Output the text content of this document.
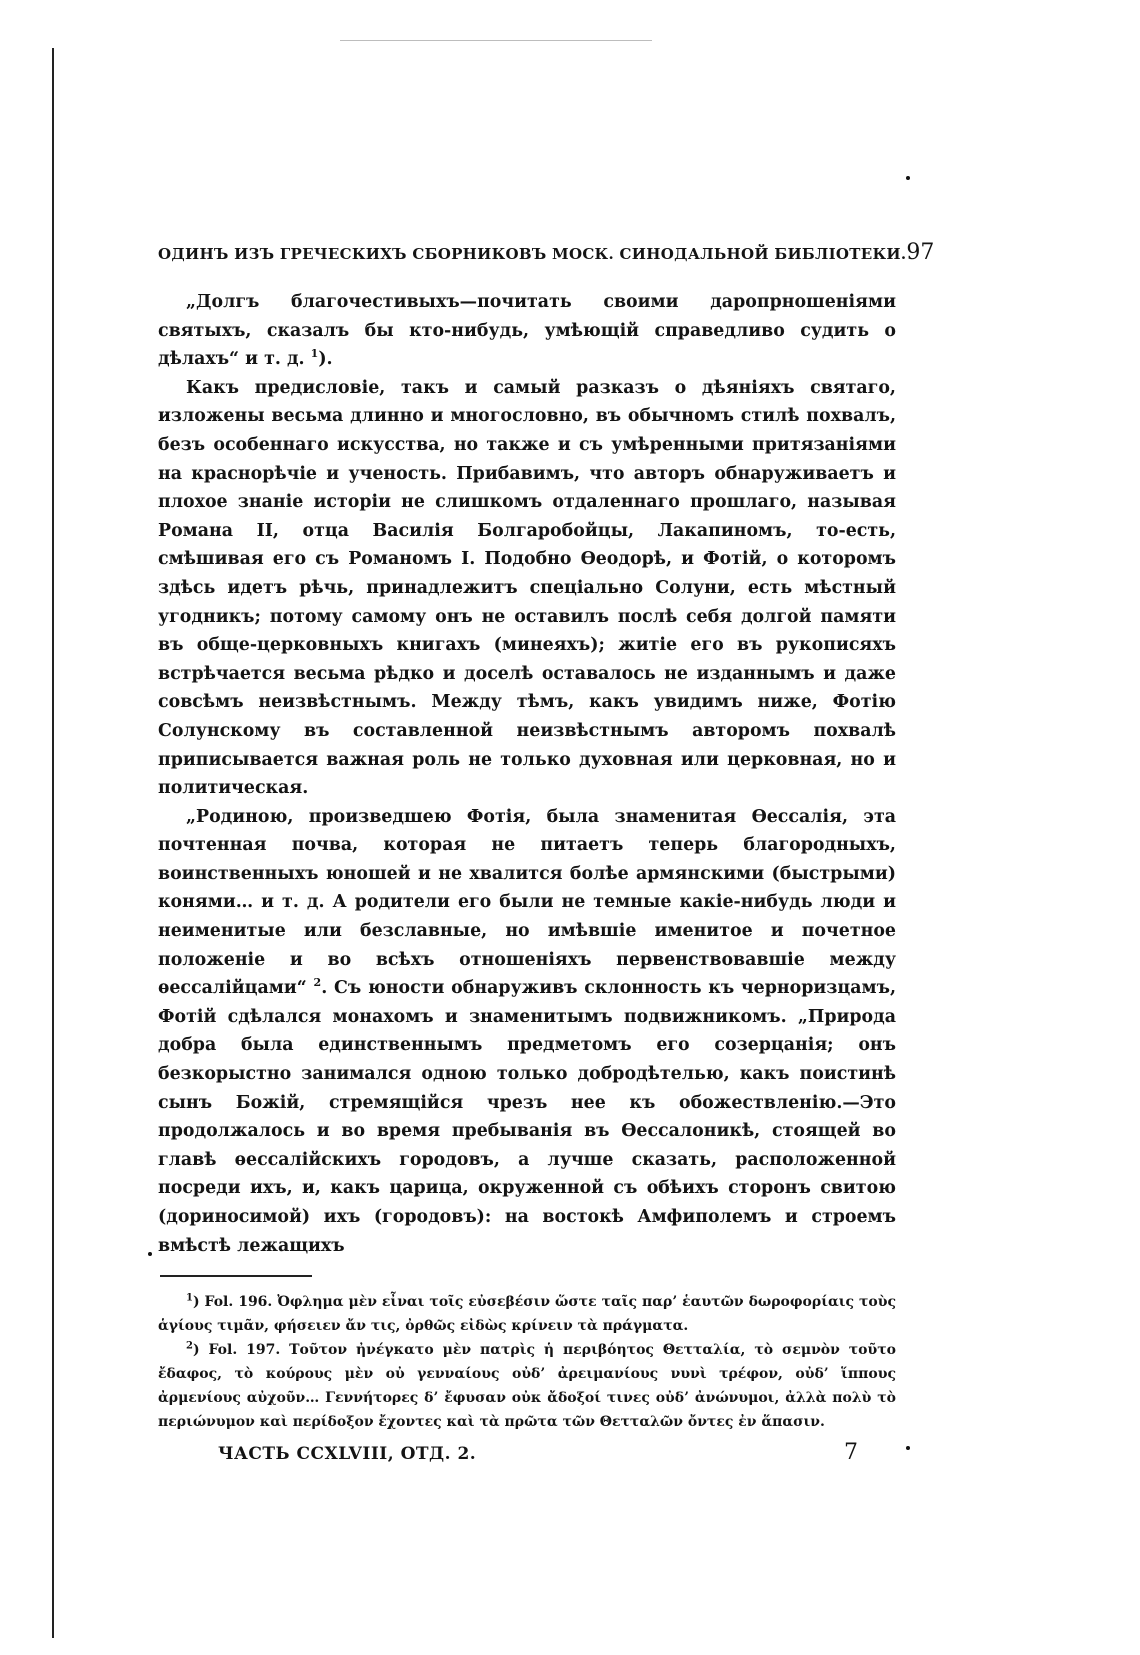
ОДИНЪ ИЗЪ ГРЕЧЕСКИХЪ СБОРНИКОВЪ МОСК. СИНОДАЛЬНОЙ БИБЛІОТЕКИ. 97

„Долгъ благочестивыхъ—почитать своими даропрношеніями святыхъ, сказалъ бы кто-нибудь, умѣющій справедливо судить о дѣлахъ“ и т. д. $^1$).

Какъ предисловіе, такъ и самый разказъ о дѣяніяхъ святаго, изложены весьма длинно и многословно, въ обычномъ стилѣ похвалъ, безъ особеннаго искусства, но также и съ умѣренными притязаніями на краснорѣчіе и ученость. Прибавимъ, что авторъ обнаруживаетъ и плохое знаніе исторіи не слишкомъ отдаленнаго прошлаго, называя Романа II, отца Василія Болгаробойцы, Лакапиномъ, то-есть, смѣшивая его съ Романомъ I. Подобно Ѳеодорѣ, и Фотій, о которомъ здѣсь идетъ рѣчь, принадлежитъ спеціально Солуни, есть мѣстный угодникъ; потому самому онъ не оставилъ послѣ себя долгой памяти въ обще-церковныхъ книгахъ (минеяхъ); житіе его въ рукописяхъ встрѣчается весьма рѣдко и доселѣ оставалось не изданнымъ и даже совсѣмъ неизвѣстнымъ. Между тѣмъ, какъ увидимъ ниже, Фотію Солунскому въ составленной неизвѣстнымъ авторомъ похвалѣ приписывается важная роль не только духовная или церковная, но и политическая.

„Родиною, произведшею Фотія, была знаменитая Ѳессалія, эта почтенная почва, которая не питаетъ теперь благородныхъ, воинственныхъ юношей и не хвалится болѣе армянскими (быстрыми) конями… и т. д. А родители его были не темные какіе-нибудь люди и неименитые или безславные, но имѣвшіе именитое и почетное положеніе и во всѣхъ отношеніяхъ первенствовавшіе между ѳессалійцами“ $^2$. Съ юности обнаруживъ склонность къ черноризцамъ, Фотій сдѣлался монахомъ и знаменитымъ подвижникомъ. „Природа добра была единственнымъ предметомъ его созерцанія; онъ безкорыстно занимался одною только добродѣтелью, какъ поистинѣ сынъ Божій, стремящійся чрезъ нее къ обожествленію.—Это продолжалось и во время пребыванія въ Ѳессалоникѣ, стоящей во главѣ ѳессалійскихъ городовъ, а лучше сказать, расположенной посреди ихъ, и, какъ царица, окруженной съ обѣихъ сторонъ свитою (дориносимой) ихъ (городовъ): на востокѣ Амфиполемъ и строемъ вмѣстѣ лежащихъ

$^1$) Fol. 196. Ὀφλημα μὲν εἶναι τοῖς εὐσεβέσιν ὥστε ταῖς παρ’ ἑαυτῶν δωροφορίαις τοὺς ἁγίους τιμᾶν, φήσειεν ἄν τις, ὀρθῶς εἰδὼς κρίνειν τὰ πράγματα.

$^2$) Fol. 197. Τοῦτον ἠνέγκατο μὲν πατρὶς ἡ περιβόητος Θετταλία, τὸ σεμνὸν τοῦτο ἔδαφος, τὸ κούρους μὲν οὐ γενναίους οὐδ’ ἀρειμανίους νυνὶ τρέφον, οὐδ’ ἵππους ἀρμενίους αὐχοῦν… Γεννήτορες δ’ ἔφυσαν οὐκ ἄδοξοί τινες οὐδ’ ἀνώνυμοι, ἀλλὰ πολὺ τὸ περιώνυμον καὶ περίδοξον ἔχοντες καὶ τὰ πρῶτα τῶν Θετταλῶν ὄντες ἐν ἅπασιν.

ЧАСТЬ CCXLVIII, ОТД. 2.	7
